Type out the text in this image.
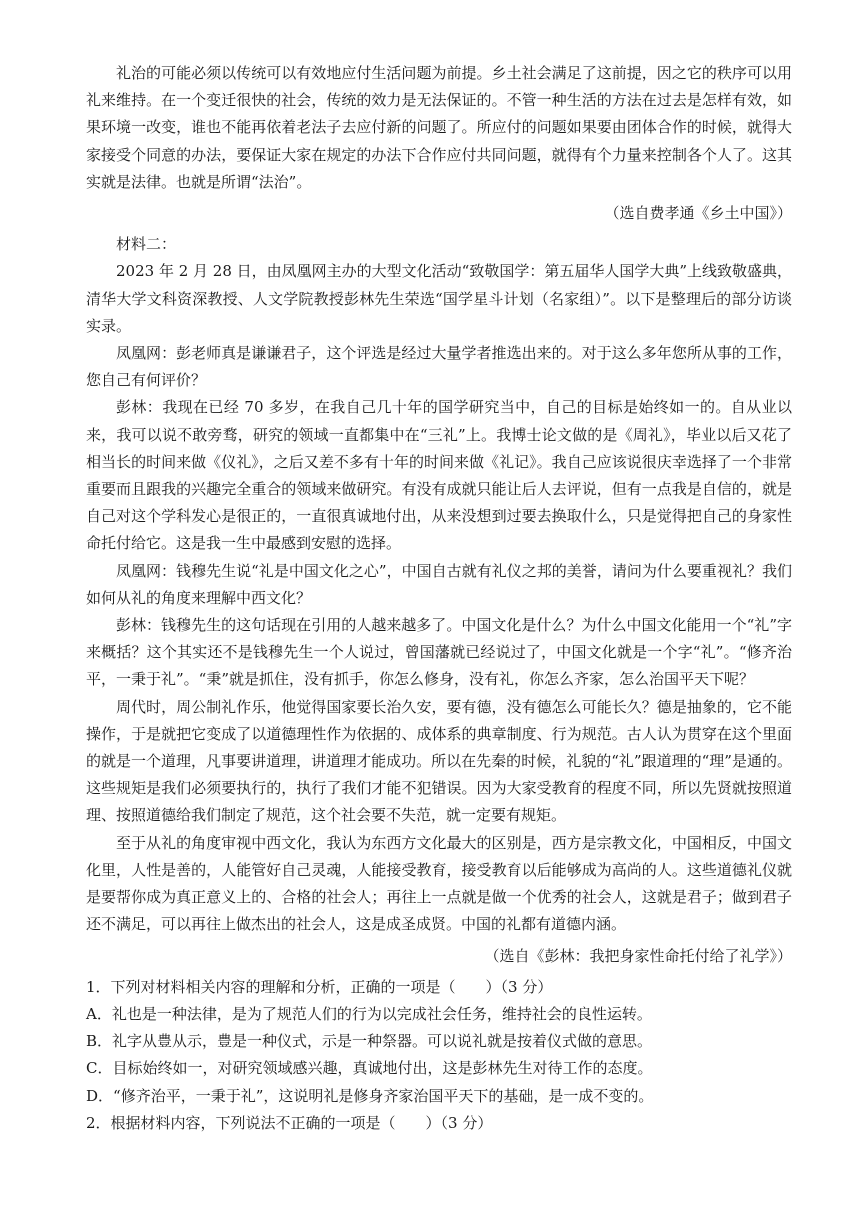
礼治的可能必须以传统可以有效地应付生活问题为前提。乡土社会满足了这前提，因之它的秩序可以用礼来维持。在一个变迁很快的社会，传统的效力是无法保证的。不管一种生活的方法在过去是怎样有效，如果环境一改变，谁也不能再依着老法子去应付新的问题了。所应付的问题如果要由团体合作的时候，就得大家接受个同意的办法，要保证大家在规定的办法下合作应付共同问题，就得有个力量来控制各个人了。这其实就是法律。也就是所谓“法治”。

（选自费孝通《乡土中国》）

材料二：

2023 年 2 月 28 日，由凤凰网主办的大型文化活动“致敬国学：第五届华人国学大典”上线致敬盛典，清华大学文科资深教授、人文学院教授彭林先生荣选“国学星斗计划（名家组）”。以下是整理后的部分访谈实录。

凤凰网：彭老师真是谦谦君子，这个评选是经过大量学者推选出来的。对于这么多年您所从事的工作，您自己有何评价？

彭林：我现在已经 70 多岁，在我自己几十年的国学研究当中，自己的目标是始终如一的。自从业以来，我可以说不敢旁骛，研究的领域一直都集中在“三礼”上。我博士论文做的是《周礼》，毕业以后又花了相当长的时间来做《仪礼》，之后又差不多有十年的时间来做《礼记》。我自己应该说很庆幸选择了一个非常重要而且跟我的兴趣完全重合的领域来做研究。有没有成就只能让后人去评说，但有一点我是自信的，就是自己对这个学科发心是很正的，一直很真诚地付出，从来没想到过要去换取什么，只是觉得把自己的身家性命托付给它。这是我一生中最感到安慰的选择。

凤凰网：钱穆先生说“礼是中国文化之心”，中国自古就有礼仪之邦的美誉，请问为什么要重视礼？我们如何从礼的角度来理解中西文化？

彭林：钱穆先生的这句话现在引用的人越来越多了。中国文化是什么？为什么中国文化能用一个“礼”字来概括？这个其实还不是钱穆先生一个人说过，曾国藩就已经说过了，中国文化就是一个字“礼”。“修齐治平，一秉于礼”。“秉”就是抓住，没有抓手，你怎么修身，没有礼，你怎么齐家，怎么治国平天下呢？

周代时，周公制礼作乐，他觉得国家要长治久安，要有德，没有德怎么可能长久？德是抽象的，它不能操作，于是就把它变成了以道德理性作为依据的、成体系的典章制度、行为规范。古人认为贯穿在这个里面的就是一个道理，凡事要讲道理，讲道理才能成功。所以在先秦的时候，礼貌的“礼”跟道理的“理”是通的。这些规矩是我们必须要执行的，执行了我们才能不犯错误。因为大家受教育的程度不同，所以先贤就按照道理、按照道德给我们制定了规范，这个社会要不失范，就一定要有规矩。

至于从礼的角度审视中西文化，我认为东西方文化最大的区别是，西方是宗教文化，中国相反，中国文化里，人性是善的，人能管好自己灵魂，人能接受教育，接受教育以后能够成为高尚的人。这些道德礼仪就是要帮你成为真正意义上的、合格的社会人；再往上一点就是做一个优秀的社会人，这就是君子；做到君子还不满足，可以再往上做杰出的社会人，这是成圣成贤。中国的礼都有道德内涵。

（选自《彭林：我把身家性命托付给了礼学》）

1．下列对材料相关内容的理解和分析，正确的一项是（　　）（3 分）

A．礼也是一种法律，是为了规范人们的行为以完成社会任务，维持社会的良性运转。

B．礼字从豊从示，豊是一种仪式，示是一种祭器。可以说礼就是按着仪式做的意思。

C．目标始终如一，对研究领域感兴趣，真诚地付出，这是彭林先生对待工作的态度。

D．“修齐治平，一秉于礼”，这说明礼是修身齐家治国平天下的基础，是一成不变的。

2．根据材料内容，下列说法不正确的一项是（　　）（3 分）
